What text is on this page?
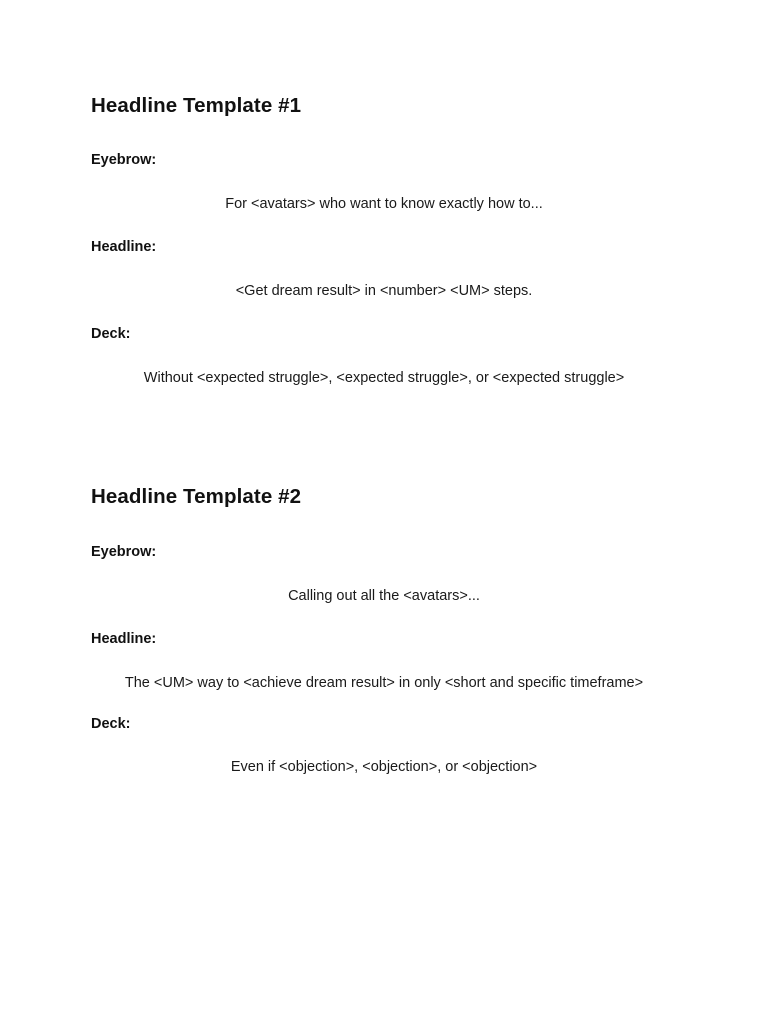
Headline Template #1

Eyebrow:

For <avatars> who want to know exactly how to...

Headline:

<Get dream result> in <number> <UM> steps.

Deck:

Without <expected struggle>, <expected struggle>, or <expected struggle>

Headline Template #2

Eyebrow:

Calling out all the <avatars>...

Headline:

The <UM> way to <achieve dream result> in only <short and specific timeframe>

Deck:

Even if <objection>, <objection>, or <objection>
